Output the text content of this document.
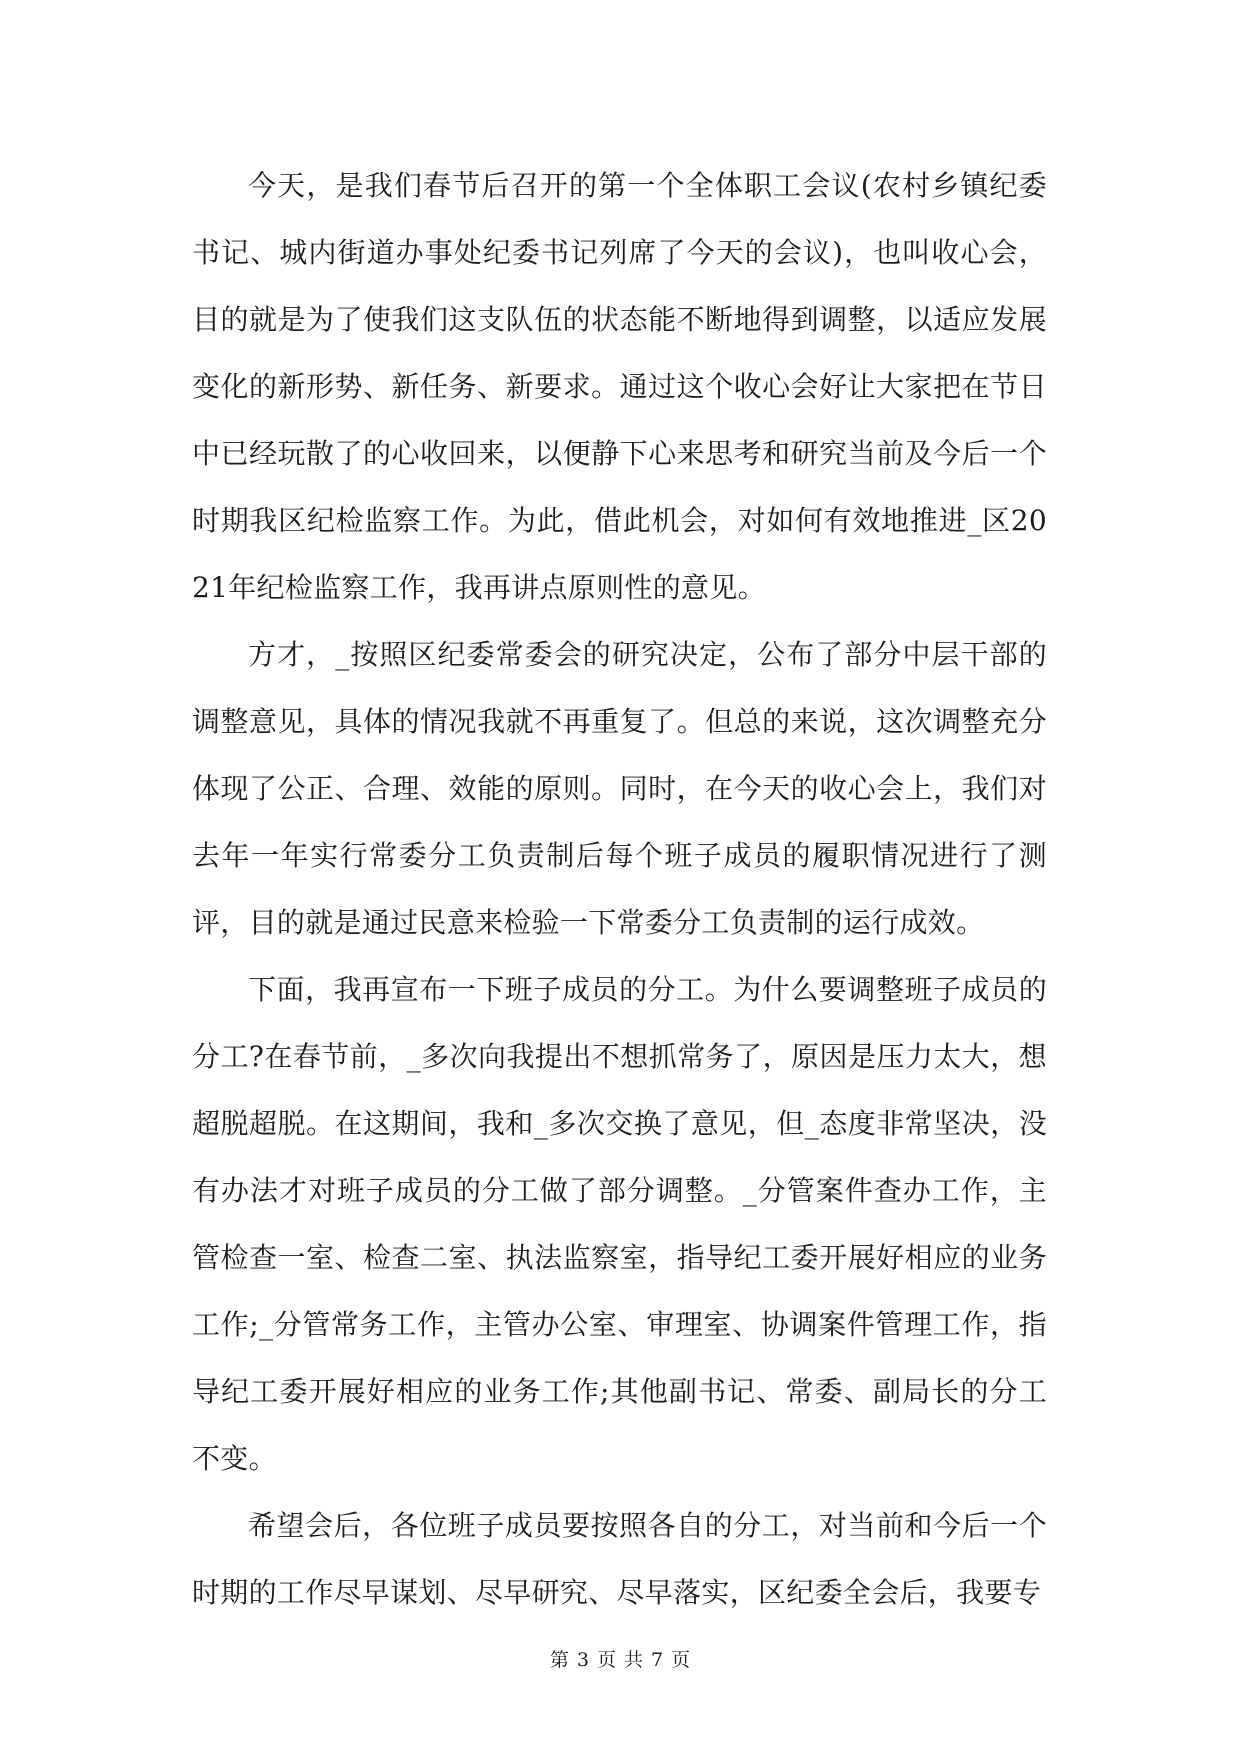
今天，是我们春节后召开的第一个全体职工会议(农村乡镇纪委书记、城内街道办事处纪委书记列席了今天的会议)，也叫收心会，目的就是为了使我们这支队伍的状态能不断地得到调整，以适应发展变化的新形势、新任务、新要求。通过这个收心会好让大家把在节日中已经玩散了的心收回来，以便静下心来思考和研究当前及今后一个时期我区纪检监察工作。为此，借此机会，对如何有效地推进_区2021年纪检监察工作，我再讲点原则性的意见。

方才，_按照区纪委常委会的研究决定，公布了部分中层干部的调整意见，具体的情况我就不再重复了。但总的来说，这次调整充分体现了公正、合理、效能的原则。同时，在今天的收心会上，我们对去年一年实行常委分工负责制后每个班子成员的履职情况进行了测评，目的就是通过民意来检验一下常委分工负责制的运行成效。

下面，我再宣布一下班子成员的分工。为什么要调整班子成员的分工?在春节前，_多次向我提出不想抓常务了，原因是压力太大，想超脱超脱。在这期间，我和_多次交换了意见，但_态度非常坚决，没有办法才对班子成员的分工做了部分调整。_分管案件查办工作，主管检查一室、检查二室、执法监察室，指导纪工委开展好相应的业务工作;_分管常务工作，主管办公室、审理室、协调案件管理工作，指导纪工委开展好相应的业务工作;其他副书记、常委、副局长的分工不变。

希望会后，各位班子成员要按照各自的分工，对当前和今后一个时期的工作尽早谋划、尽早研究、尽早落实，区纪委全会后，我要专

第 3 页 共 7 页
